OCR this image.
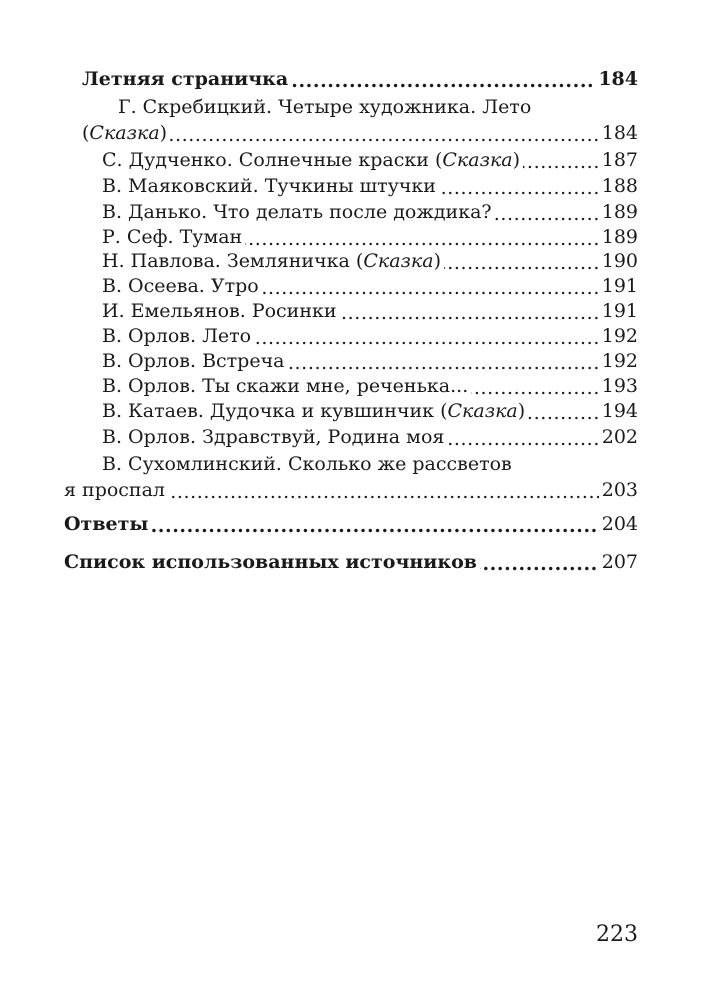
.....
Летняя страничка	184
Г. Скребицкий. Четыре художника. Лето
.....
(Сказка)	184
.....
С. Дудченко. Солнечные краски (Сказка)	187
.....
В. Маяковский. Тучкины штучки	188
.....
В. Данько. Что делать после дождика?	189
.....
Р. Сеф. Туман	189
.....
Н. Павлова. Земляничка (Сказка)	190
.....
В. Осеева. Утро	191
.....
И. Емельянов. Росинки	191
.....
В. Орлов. Лето	192
.....
В. Орлов. Встреча	192
.....
В. Орлов. Ты скажи мне, реченька...	193
.....
В. Катаев. Дудочка и кувшинчик (Сказка)	194
.....
В. Орлов. Здравствуй, Родина моя	202
В. Сухомлинский. Сколько же рассветов
.....
я проспал	203
.....
Ответы	204
.....
Список использованных источников	207
223
